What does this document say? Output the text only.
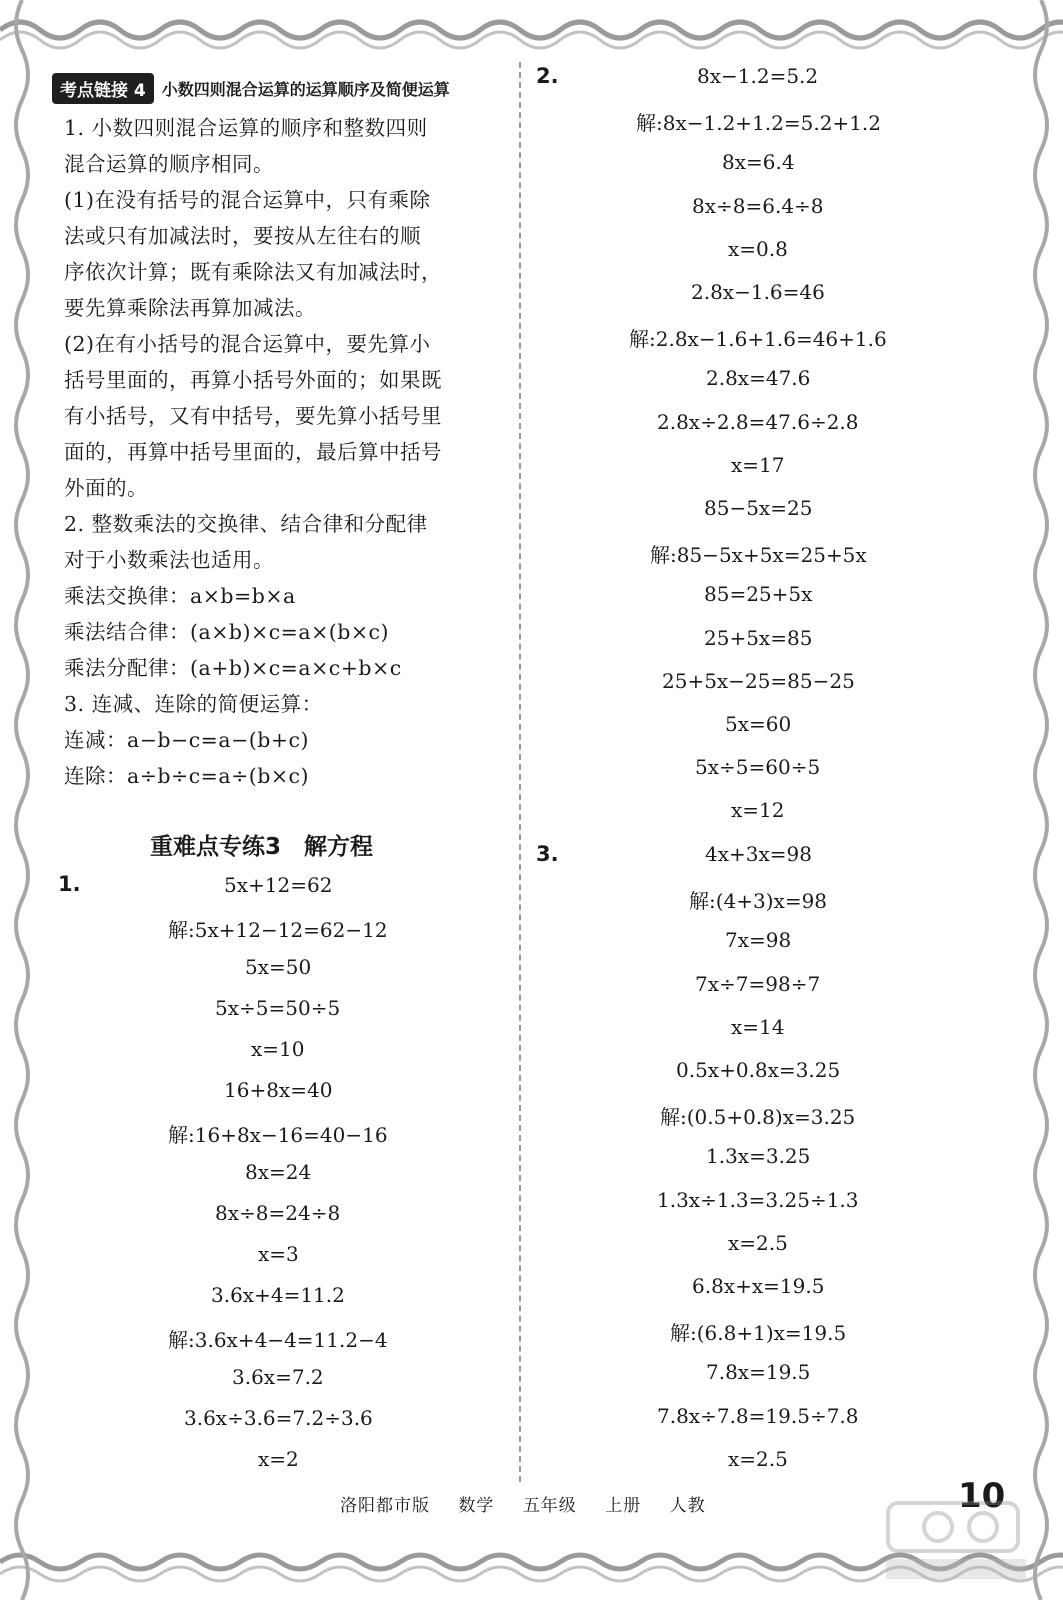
考点链接 4	小数四则混合运算的运算顺序及简便运算

1. 小数四则混合运算的顺序和整数四则

混合运算的顺序相同。

(1)在没有括号的混合运算中，只有乘除

法或只有加减法时，要按从左往右的顺

序依次计算；既有乘除法又有加减法时，

要先算乘除法再算加减法。

(2)在有小括号的混合运算中，要先算小

括号里面的，再算小括号外面的；如果既

有小括号，又有中括号，要先算小括号里

面的，再算中括号里面的，最后算中括号

外面的。

2. 整数乘法的交换律、结合律和分配律

对于小数乘法也适用。

乘法交换律：a×b=b×a

乘法结合律：(a×b)×c=a×(b×c)

乘法分配律：(a+b)×c=a×c+b×c

3. 连减、连除的简便运算：

连减：a−b−c=a−(b+c)

连除：a÷b÷c=a÷(b×c)

重难点专练3　解方程
1.	5x+12=62
解:5x+12−12=62−12
5x=50
5x÷5=50÷5
x=10
16+8x=40
解:16+8x−16=40−16
8x=24
8x÷8=24÷8
x=3
3.6x+4=11.2
解:3.6x+4−4=11.2−4
3.6x=7.2
3.6x÷3.6=7.2÷3.6
x=2
2.	8x−1.2=5.2
解:8x−1.2+1.2=5.2+1.2
8x=6.4
8x÷8=6.4÷8
x=0.8
2.8x−1.6=46
解:2.8x−1.6+1.6=46+1.6
2.8x=47.6
2.8x÷2.8=47.6÷2.8
x=17
85−5x=25
解:85−5x+5x=25+5x
85=25+5x
25+5x=85
25+5x−25=85−25
5x=60
5x÷5=60÷5
x=12
3.	4x+3x=98
解:(4+3)x=98
7x=98
7x÷7=98÷7
x=14
0.5x+0.8x=3.25
解:(0.5+0.8)x=3.25
1.3x=3.25
1.3x÷1.3=3.25÷1.3
x=2.5
6.8x+x=19.5
解:(6.8+1)x=19.5
7.8x=19.5
7.8x÷7.8=19.5÷7.8
x=2.5
洛阳都市版 数学 五年级 上册 人教	10
